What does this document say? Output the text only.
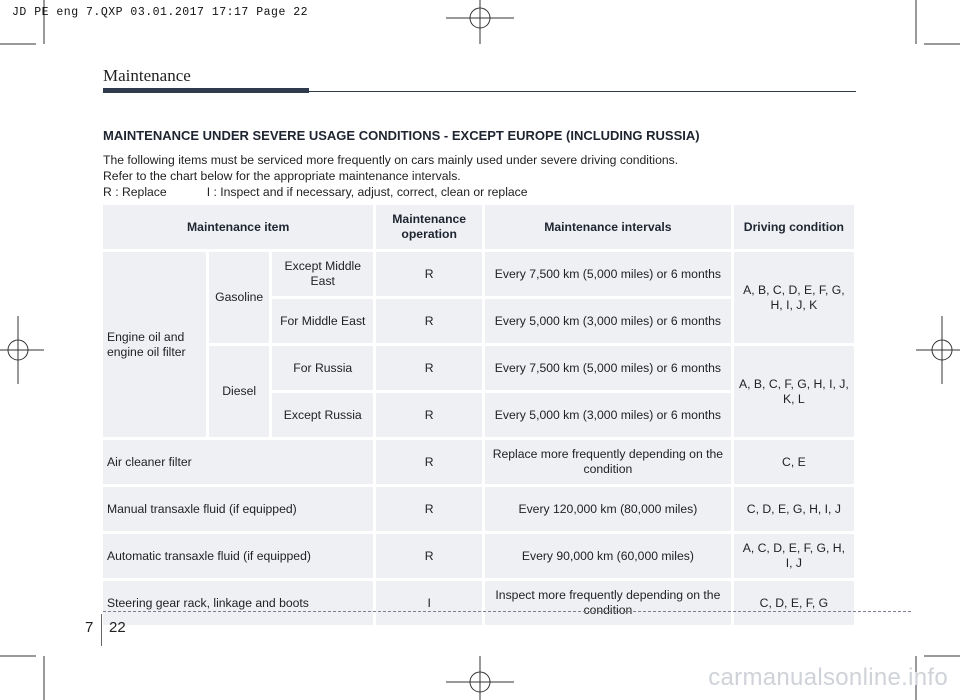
JD PE eng 7.QXP 03.01.2017 17:17 Page 22
Maintenance
MAINTENANCE UNDER SEVERE USAGE CONDITIONS - EXCEPT EUROPE (INCLUDING RUSSIA)
The following items must be serviced more frequently on cars mainly used under severe driving conditions.
Refer to the chart below for the appropriate maintenance intervals.
R : Replace	I : Inspect and if necessary, adjust, correct, clean or replace
Maintenance item			Maintenance operation	Maintenance intervals	Driving condition
Engine oil and engine oil filter	Gasoline	Except Middle East	R	Every 7,500 km (5,000 miles) or 6 months	A, B, C, D, E, F, G, H, I, J, K
		For Middle East	R	Every 5,000 km (3,000 miles) or 6 months	
	Diesel	For Russia	R	Every 7,500 km (5,000 miles) or 6 months	A, B, C, F, G, H, I, J, K, L
		Except Russia	R	Every 5,000 km (3,000 miles) or 6 months	
Air cleaner filter			R	Replace more frequently depending on the condition	C, E
Manual transaxle fluid (if equipped)			R	Every 120,000 km (80,000 miles)	C, D, E, G, H, I, J
Automatic transaxle fluid (if equipped)			R	Every 90,000 km (60,000 miles)	A, C, D, E, F, G, H, I, J
Steering gear rack, linkage and boots			I	Inspect more frequently depending on the condition	C, D, E, F, G
7 22
carmanualsonline.info
